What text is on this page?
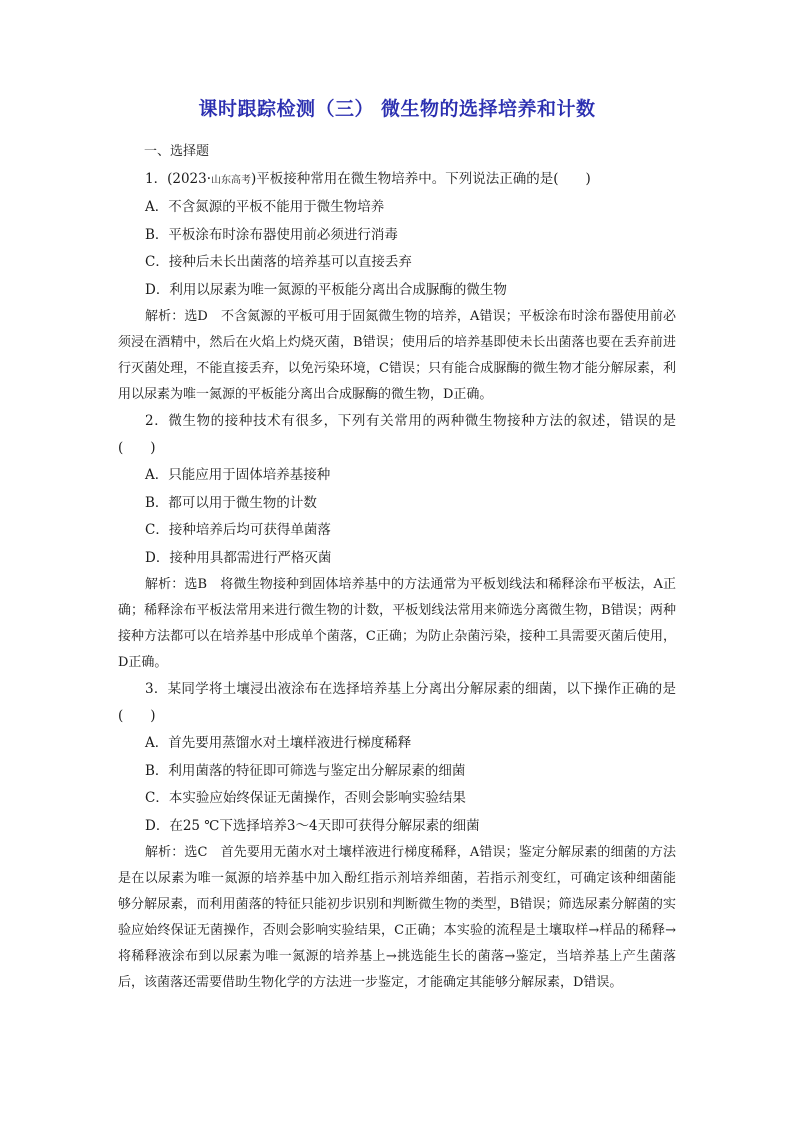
课时跟踪检测（三） 微生物的选择培养和计数
一、选择题

1．(2023·山东高考)平板接种常用在微生物培养中。下列说法正确的是(　　)

A．不含氮源的平板不能用于微生物培养
B．平板涂布时涂布器使用前必须进行消毒
C．接种后未长出菌落的培养基可以直接丢弃
D．利用以尿素为唯一氮源的平板能分离出合成脲酶的微生物

解析：选D　不含氮源的平板可用于固氮微生物的培养，A错误；平板涂布时涂布器使用前必须浸在酒精中，然后在火焰上灼烧灭菌，B错误；使用后的培养基即使未长出菌落也要在丢弃前进行灭菌处理，不能直接丢弃，以免污染环境，C错误；只有能合成脲酶的微生物才能分解尿素，利用以尿素为唯一氮源的平板能分离出合成脲酶的微生物，D正确。

2．微生物的接种技术有很多，下列有关常用的两种微生物接种方法的叙述，错误的是(　　)

A．只能应用于固体培养基接种
B．都可以用于微生物的计数
C．接种培养后均可获得单菌落
D．接种用具都需进行严格灭菌

解析：选B　将微生物接种到固体培养基中的方法通常为平板划线法和稀释涂布平板法，A正确；稀释涂布平板法常用来进行微生物的计数，平板划线法常用来筛选分离微生物，B错误；两种接种方法都可以在培养基中形成单个菌落，C正确；为防止杂菌污染，接种工具需要灭菌后使用，D正确。

3．某同学将土壤浸出液涂布在选择培养基上分离出分解尿素的细菌，以下操作正确的是(　　)

A．首先要用蒸馏水对土壤样液进行梯度稀释
B．利用菌落的特征即可筛选与鉴定出分解尿素的细菌
C．本实验应始终保证无菌操作，否则会影响实验结果
D．在25 ℃下选择培养3～4天即可获得分解尿素的细菌

解析：选C　首先要用无菌水对土壤样液进行梯度稀释，A错误；鉴定分解尿素的细菌的方法是在以尿素为唯一氮源的培养基中加入酚红指示剂培养细菌，若指示剂变红，可确定该种细菌能够分解尿素，而利用菌落的特征只能初步识别和判断微生物的类型，B错误；筛选尿素分解菌的实验应始终保证无菌操作，否则会影响实验结果，C正确；本实验的流程是土壤取样→样品的稀释→将稀释液涂布到以尿素为唯一氮源的培养基上→挑选能生长的菌落→鉴定，当培养基上产生菌落后，该菌落还需要借助生物化学的方法进一步鉴定，才能确定其能够分解尿素，D错误。
